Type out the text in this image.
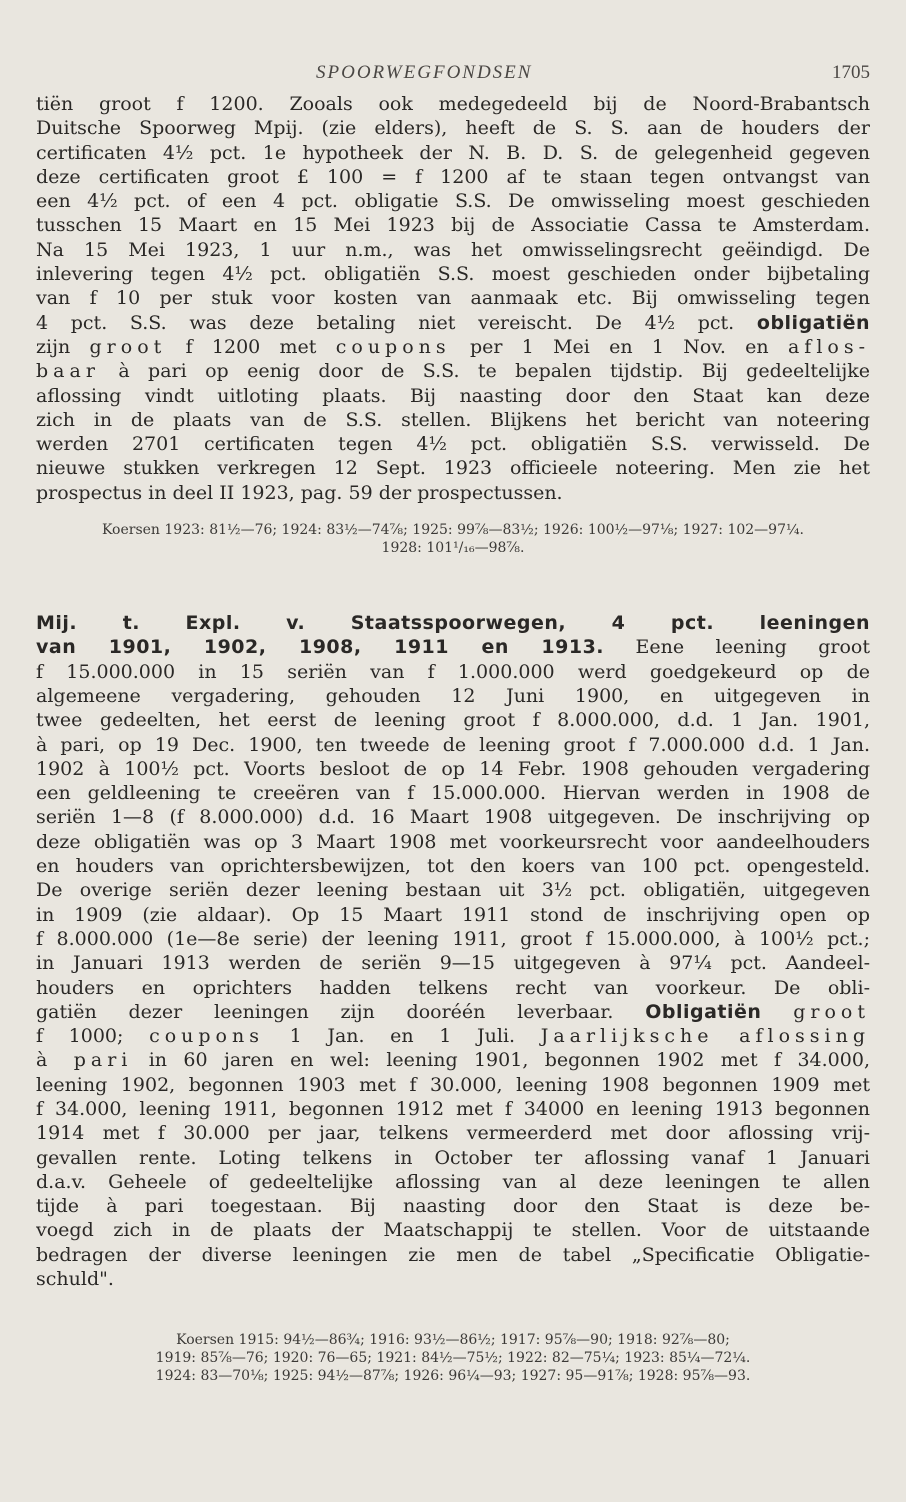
SPOORWEGFONDSEN	1705

tiën groot f 1200. Zooals ook medegedeeld bij de Noord-Brabantsch

Duitsche Spoorweg Mpij. (zie elders), heeft de S. S. aan de houders der

certificaten 4½ pct. 1e hypotheek der N. B. D. S. de gelegenheid gegeven

deze certificaten groot £ 100 = f 1200 af te staan tegen ontvangst van

een 4½ pct. of een 4 pct. obligatie S.S. De omwisseling moest geschieden

tusschen 15 Maart en 15 Mei 1923 bij de Associatie Cassa te Amsterdam.

Na 15 Mei 1923, 1 uur n.m., was het omwisselingsrecht geëindigd. De

inlevering tegen 4½ pct. obligatiën S.S. moest geschieden onder bijbetaling

van f 10 per stuk voor kosten van aanmaak etc. Bij omwisseling tegen

4 pct. S.S. was deze betaling niet vereischt. De 4½ pct. obligatiën

zijn groot f 1200 met coupons per 1 Mei en 1 Nov. en aflos-

baar à pari op eenig door de S.S. te bepalen tijdstip. Bij gedeeltelijke

aflossing vindt uitloting plaats. Bij naasting door den Staat kan deze

zich in de plaats van de S.S. stellen. Blijkens het bericht van noteering

werden 2701 certificaten tegen 4½ pct. obligatiën S.S. verwisseld. De

nieuwe stukken verkregen 12 Sept. 1923 officieele noteering. Men zie het

prospectus in deel II 1923, pag. 59 der prospectussen.

Koersen 1923: 81½—76; 1924: 83½—74⅞; 1925: 99⅞—83½; 1926: 100½—97⅛; 1927: 102—97¼.

1928: 101¹/₁₆—98⅞.

Mij. t. Expl. v. Staatsspoorwegen, 4 pct. leeningen

van 1901, 1902, 1908, 1911 en 1913. Eene leening groot

f 15.000.000 in 15 seriën van f 1.000.000 werd goedgekeurd op de

algemeene vergadering, gehouden 12 Juni 1900, en uitgegeven in

twee gedeelten, het eerst de leening groot f 8.000.000, d.d. 1 Jan. 1901,

à pari, op 19 Dec. 1900, ten tweede de leening groot f 7.000.000 d.d. 1 Jan.

1902 à 100½ pct. Voorts besloot de op 14 Febr. 1908 gehouden vergadering

een geldleening te creeëren van f 15.000.000. Hiervan werden in 1908 de

seriën 1—8 (f 8.000.000) d.d. 16 Maart 1908 uitgegeven. De inschrijving op

deze obligatiën was op 3 Maart 1908 met voorkeursrecht voor aandeelhouders

en houders van oprichtersbewijzen, tot den koers van 100 pct. opengesteld.

De overige seriën dezer leening bestaan uit 3½ pct. obligatiën, uitgegeven

in 1909 (zie aldaar). Op 15 Maart 1911 stond de inschrijving open op

f 8.000.000 (1e—8e serie) der leening 1911, groot f 15.000.000, à 100½ pct.;

in Januari 1913 werden de seriën 9—15 uitgegeven à 97¼ pct. Aandeel-

houders en oprichters hadden telkens recht van voorkeur. De obli-

gatiën dezer leeningen zijn dooréén leverbaar. Obligatiën groot

f 1000; coupons 1 Jan. en 1 Juli. Jaarlijksche aflossing

à pari in 60 jaren en wel: leening 1901, begonnen 1902 met f 34.000,

leening 1902, begonnen 1903 met f 30.000, leening 1908 begonnen 1909 met

f 34.000, leening 1911, begonnen 1912 met f 34000 en leening 1913 begonnen

1914 met f 30.000 per jaar, telkens vermeerderd met door aflossing vrij-

gevallen rente. Loting telkens in October ter aflossing vanaf 1 Januari

d.a.v. Geheele of gedeeltelijke aflossing van al deze leeningen te allen

tijde à pari toegestaan. Bij naasting door den Staat is deze be-

voegd zich in de plaats der Maatschappij te stellen. Voor de uitstaande

bedragen der diverse leeningen zie men de tabel „Specificatie Obligatie-

schuld".

Koersen 1915: 94½—86¾; 1916: 93½—86½; 1917: 95⅞—90; 1918: 92⅞—80;

1919: 85⅞—76; 1920: 76—65; 1921: 84½—75½; 1922: 82—75¼; 1923: 85¼—72¼.

1924: 83—70⅛; 1925: 94½—87⅞; 1926: 96¼—93; 1927: 95—91⅞; 1928: 95⅞—93.
